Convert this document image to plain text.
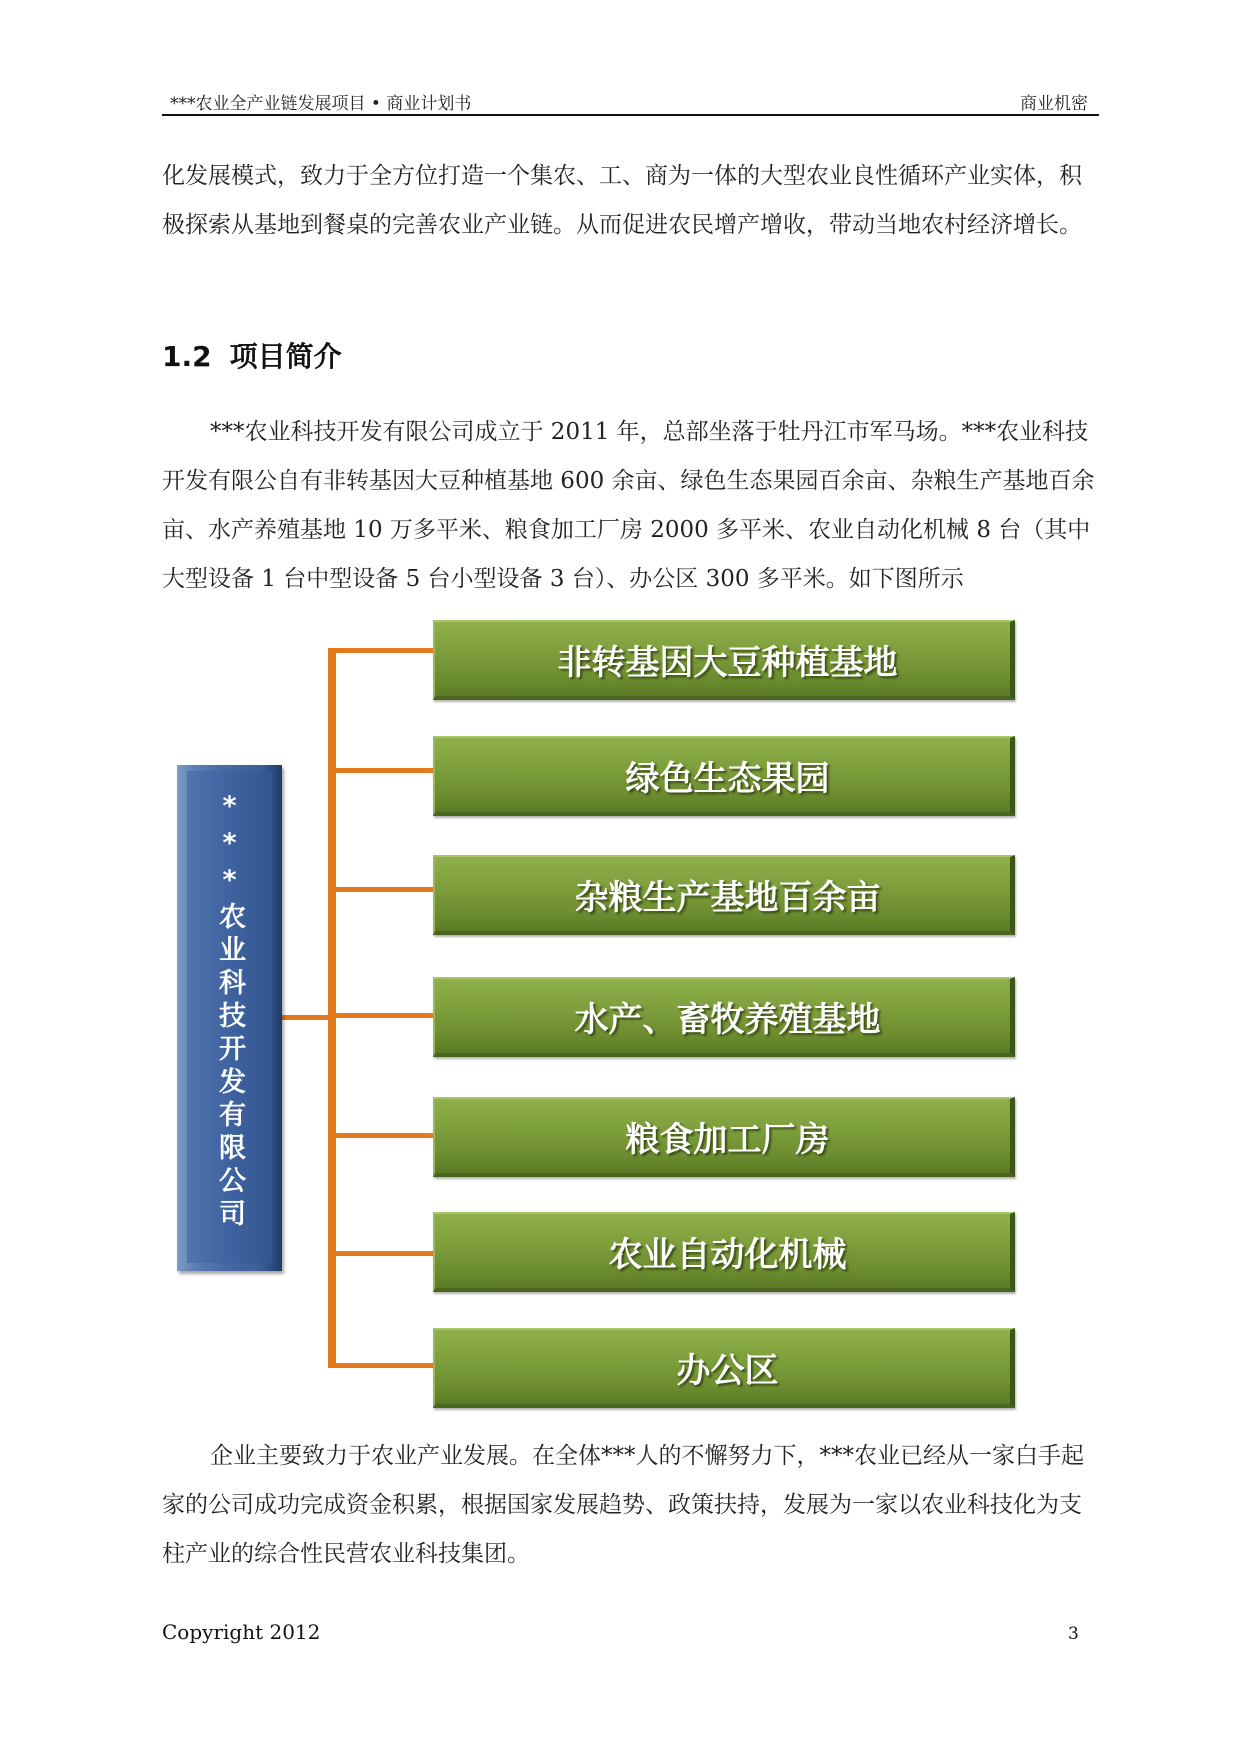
***农业全产业链发展项目 • 商业计划书	商业机密
化发展模式，致力于全方位打造一个集农、工、商为一体的大型农业良性循环产业实体，积极探索从基地到餐桌的完善农业产业链。从而促进农民增产增收，带动当地农村经济增长。
1.2 项目简介
***农业科技开发有限公司成立于 2011 年，总部坐落于牡丹江市军马场。***农业科技开发有限公自有非转基因大豆种植基地 600 余亩、绿色生态果园百余亩、杂粮生产基地百余亩、水产养殖基地 10 万多平米、粮食加工厂房 2000 多平米、农业自动化机械 8 台（其中大型设备 1 台中型设备 5 台小型设备 3 台）、办公区 300 多平米。如下图所示
***农业科技开发有限公司
非转基因大豆种植基地
绿色生态果园
杂粮生产基地百余亩
水产、畜牧养殖基地
粮食加工厂房
农业自动化机械
办公区
企业主要致力于农业产业发展。在全体***人的不懈努力下，***农业已经从一家白手起家的公司成功完成资金积累，根据国家发展趋势、政策扶持，发展为一家以农业科技化为支柱产业的综合性民营农业科技集团。
Copyright 2012	3
